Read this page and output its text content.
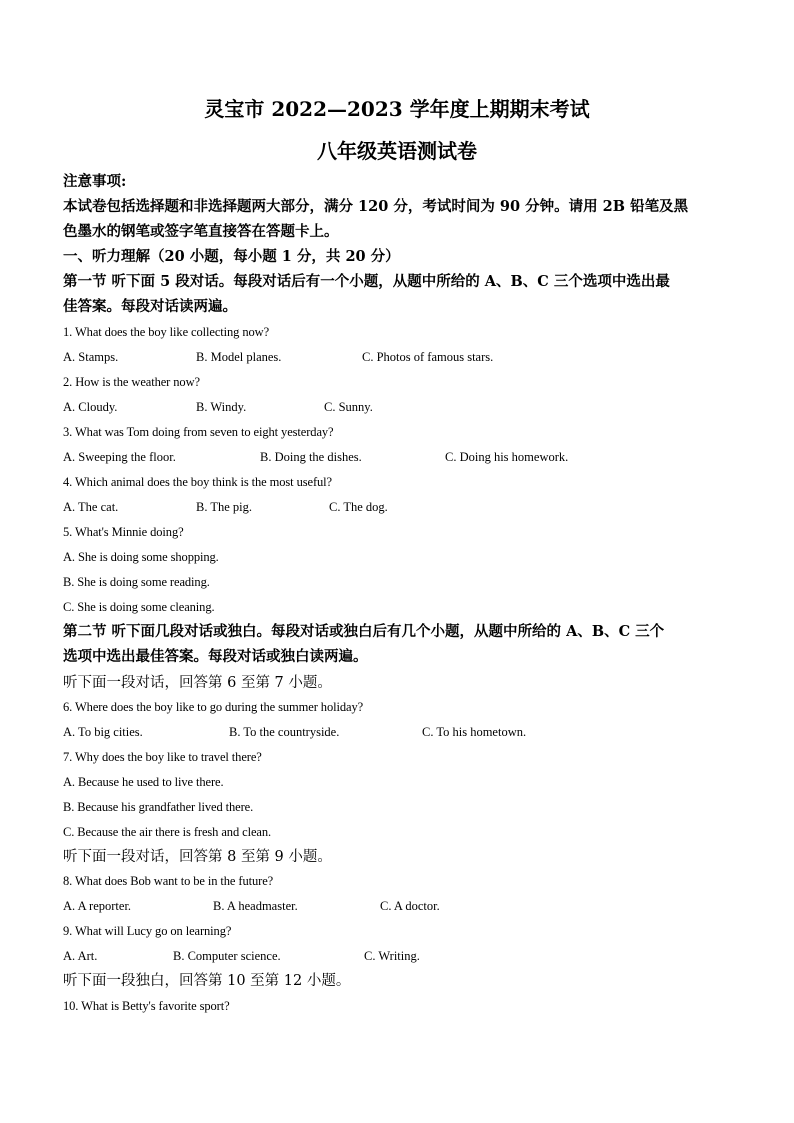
灵宝市 2022—2023 学年度上期期末考试
八年级英语测试卷
注意事项:
本试卷包括选择题和非选择题两大部分，满分 120 分，考试时间为 90 分钟。请用 2B 铅笔及黑
色墨水的钢笔或签字笔直接答在答题卡上。
一、听力理解（20 小题，每小题 1 分，共 20 分）
第一节 听下面 5 段对话。每段对话后有一个小题，从题中所给的 A、B、C 三个选项中选出最
佳答案。每段对话读两遍。
1. What does the boy like collecting now?
A. Stamps.	B. Model planes.	C. Photos of famous stars.
2. How is the weather now?
A. Cloudy.	B. Windy.	C. Sunny.
3. What was Tom doing from seven to eight yesterday?
A. Sweeping the floor.	B. Doing the dishes.	C. Doing his homework.
4. Which animal does the boy think is the most useful?
A. The cat.	B. The pig.	C. The dog.
5. What's Minnie doing?
A. She is doing some shopping.
B. She is doing some reading.
C. She is doing some cleaning.
第二节 听下面几段对话或独白。每段对话或独白后有几个小题，从题中所给的 A、B、C 三个
选项中选出最佳答案。每段对话或独白读两遍。
听下面一段对话，回答第 6 至第 7 小题。
6. Where does the boy like to go during the summer holiday?
A. To big cities.	B. To the countryside.	C. To his hometown.
7. Why does the boy like to travel there?
A. Because he used to live there.
B. Because his grandfather lived there.
C. Because the air there is fresh and clean.
听下面一段对话，回答第 8 至第 9 小题。
8. What does Bob want to be in the future?
A. A reporter.	B. A headmaster.	C. A doctor.
9. What will Lucy go on learning?
A. Art.	B. Computer science.	C. Writing.
听下面一段独白，回答第 10 至第 12 小题。
10. What is Betty's favorite sport?
